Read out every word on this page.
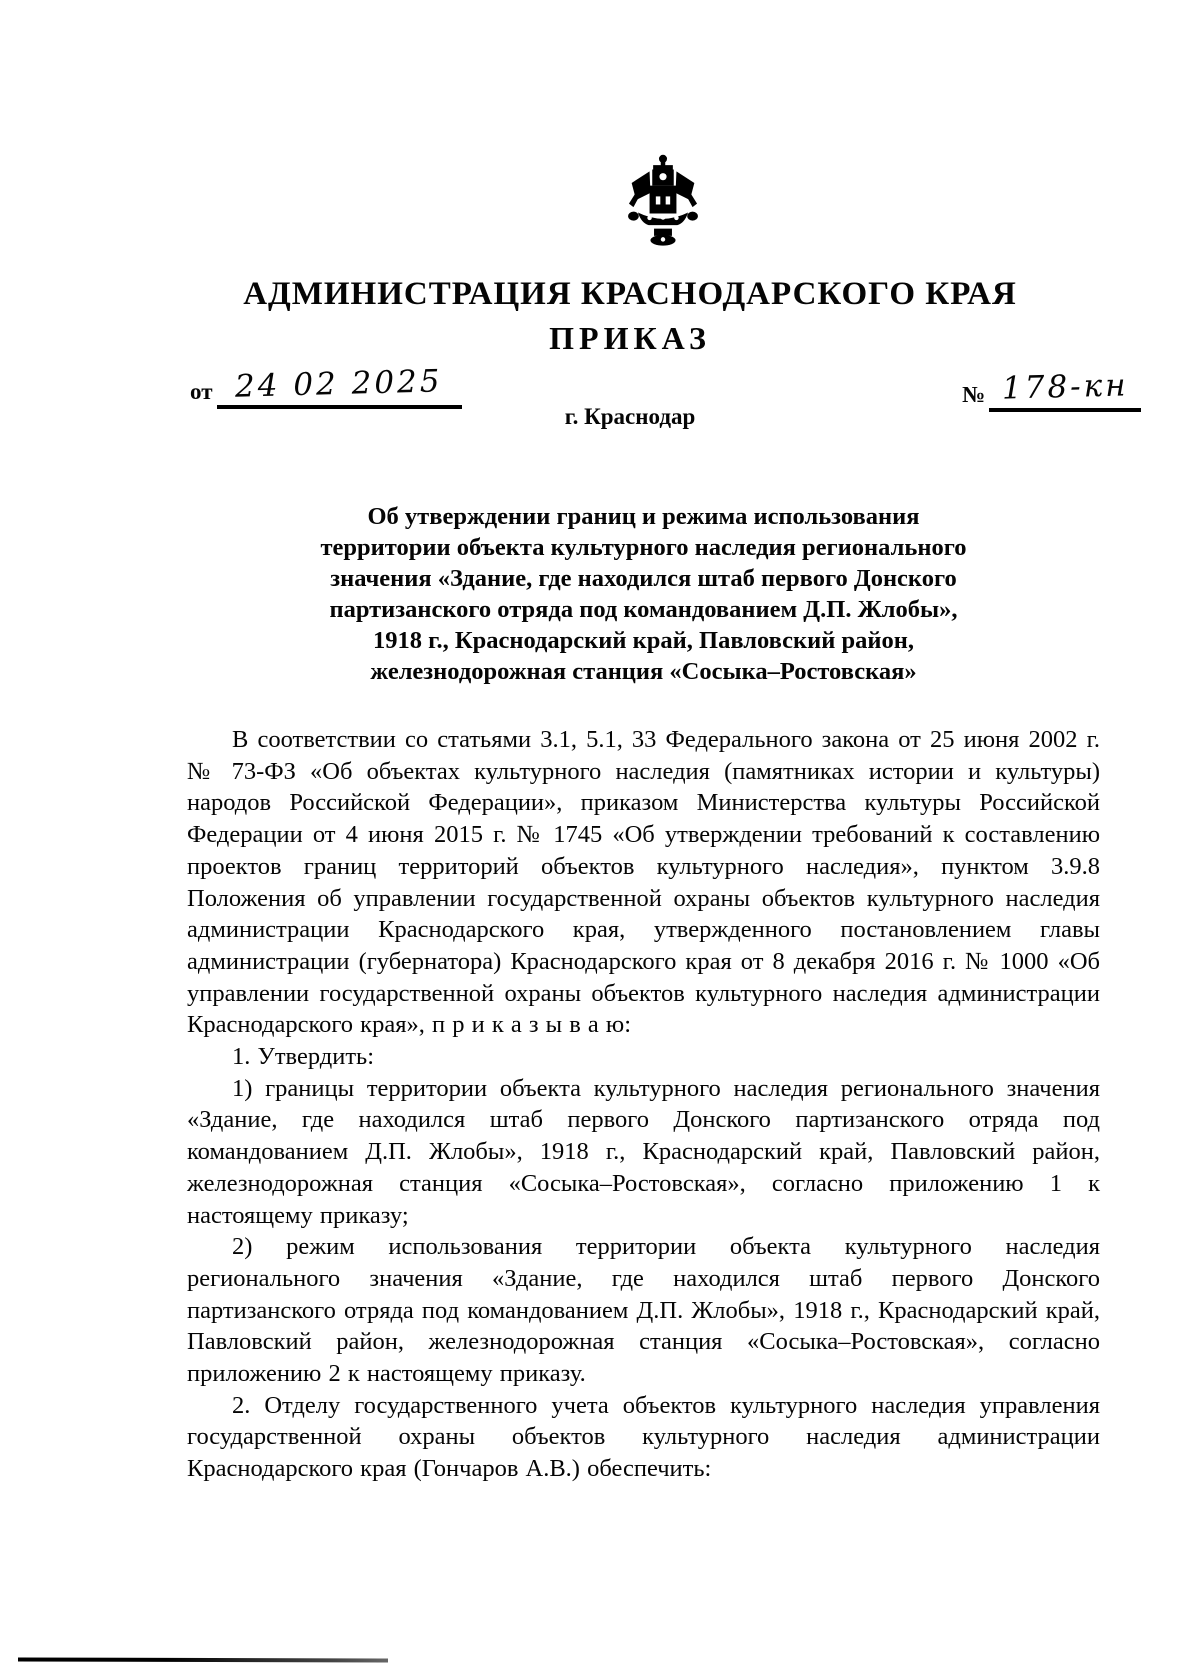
АДМИНИСТРАЦИЯ КРАСНОДАРСКОГО КРАЯ
ПРИКАЗ
от 24 02 2025	№ 178-кн
г. Краснодар
Об утверждении границ и режима использования
территории объекта культурного наследия регионального
значения «Здание, где находился штаб первого Донского
партизанского отряда под командованием Д.П. Жлобы»,
1918 г., Краснодарский край, Павловский район,
железнодорожная станция «Сосыка–Ростовская»

В соответствии со статьями 3.1, 5.1, 33 Федерального закона от 25 июня 2002 г. № 73-ФЗ «Об объектах культурного наследия (памятниках истории и культуры) народов Российской Федерации», приказом Министерства культуры Российской Федерации от 4 июня 2015 г. № 1745 «Об утверждении требований к составлению проектов границ территорий объектов культурного наследия», пунктом 3.9.8 Положения об управлении государственной охраны объектов культурного наследия администрации Краснодарского края, утвержденного постановлением главы администрации (губернатора) Краснодарского края от 8 декабря 2016 г. № 1000 «Об управлении государственной охраны объектов культурного наследия администрации Краснодарского края», п р и к а з ы в а ю:

1. Утвердить:

1) границы территории объекта культурного наследия регионального значения «Здание, где находился штаб первого Донского партизанского отряда под командованием Д.П. Жлобы», 1918 г., Краснодарский край, Павловский район, железнодорожная станция «Сосыка–Ростовская», согласно приложению 1 к настоящему приказу;

2) режим использования территории объекта культурного наследия регионального значения «Здание, где находился штаб первого Донского партизанского отряда под командованием Д.П. Жлобы», 1918 г., Краснодарский край, Павловский район, железнодорожная станция «Сосыка–Ростовская», согласно приложению 2 к настоящему приказу.

2. Отделу государственного учета объектов культурного наследия управления государственной охраны объектов культурного наследия администрации Краснодарского края (Гончаров А.В.) обеспечить:
